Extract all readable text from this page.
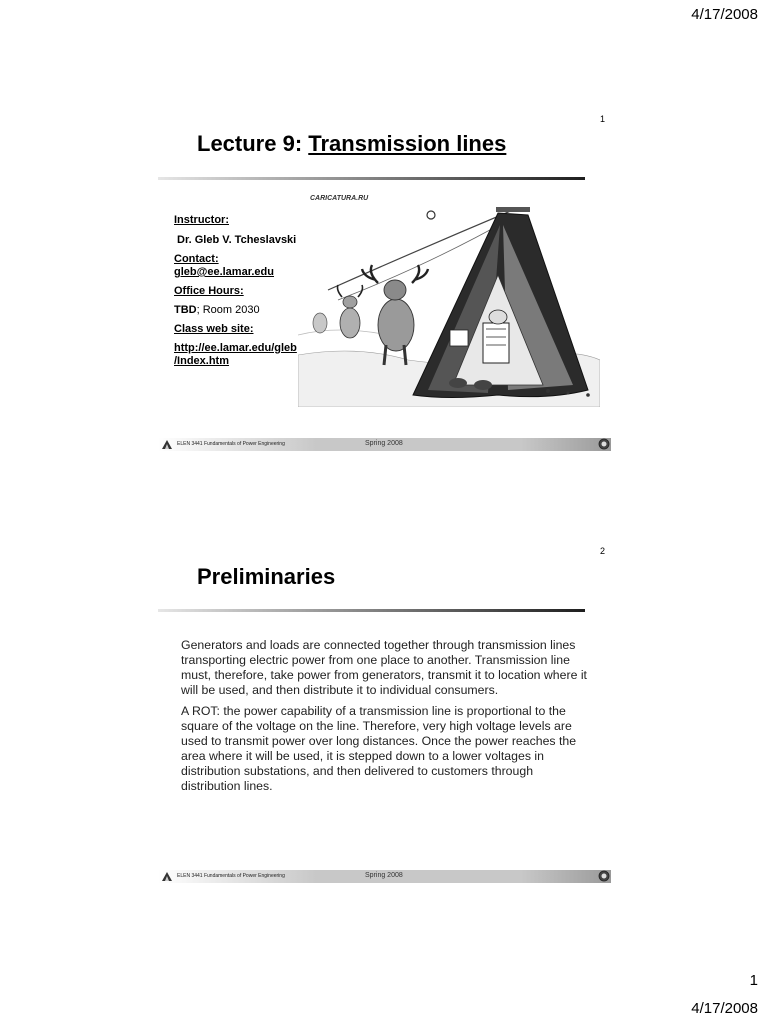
4/17/2008
1
Lecture 9: Transmission lines
Instructor:
Dr. Gleb V. Tcheslavski
Contact:
gleb@ee.lamar.edu
Office Hours:
TBD; Room 2030
Class web site:
http://ee.lamar.edu/gleb
/Index.htm
CARICATURA.RU
ELEN 3441 Fundamentals of Power Engineering	Spring 2008
2
Preliminaries

Generators and loads are connected together through transmission lines transporting electric power from one place to another. Transmission line must, therefore, take power from generators, transmit it to location where it will be used, and then distribute it to individual consumers.

A ROT: the power capability of a transmission line is proportional to the square of the voltage on the line. Therefore, very high voltage levels are used to transmit power over long distances. Once the power reaches the area where it will be used, it is stepped down to a lower voltages in distribution substations, and then delivered to customers through distribution lines.

ELEN 3441 Fundamentals of Power Engineering	Spring 2008
1
4/17/2008
